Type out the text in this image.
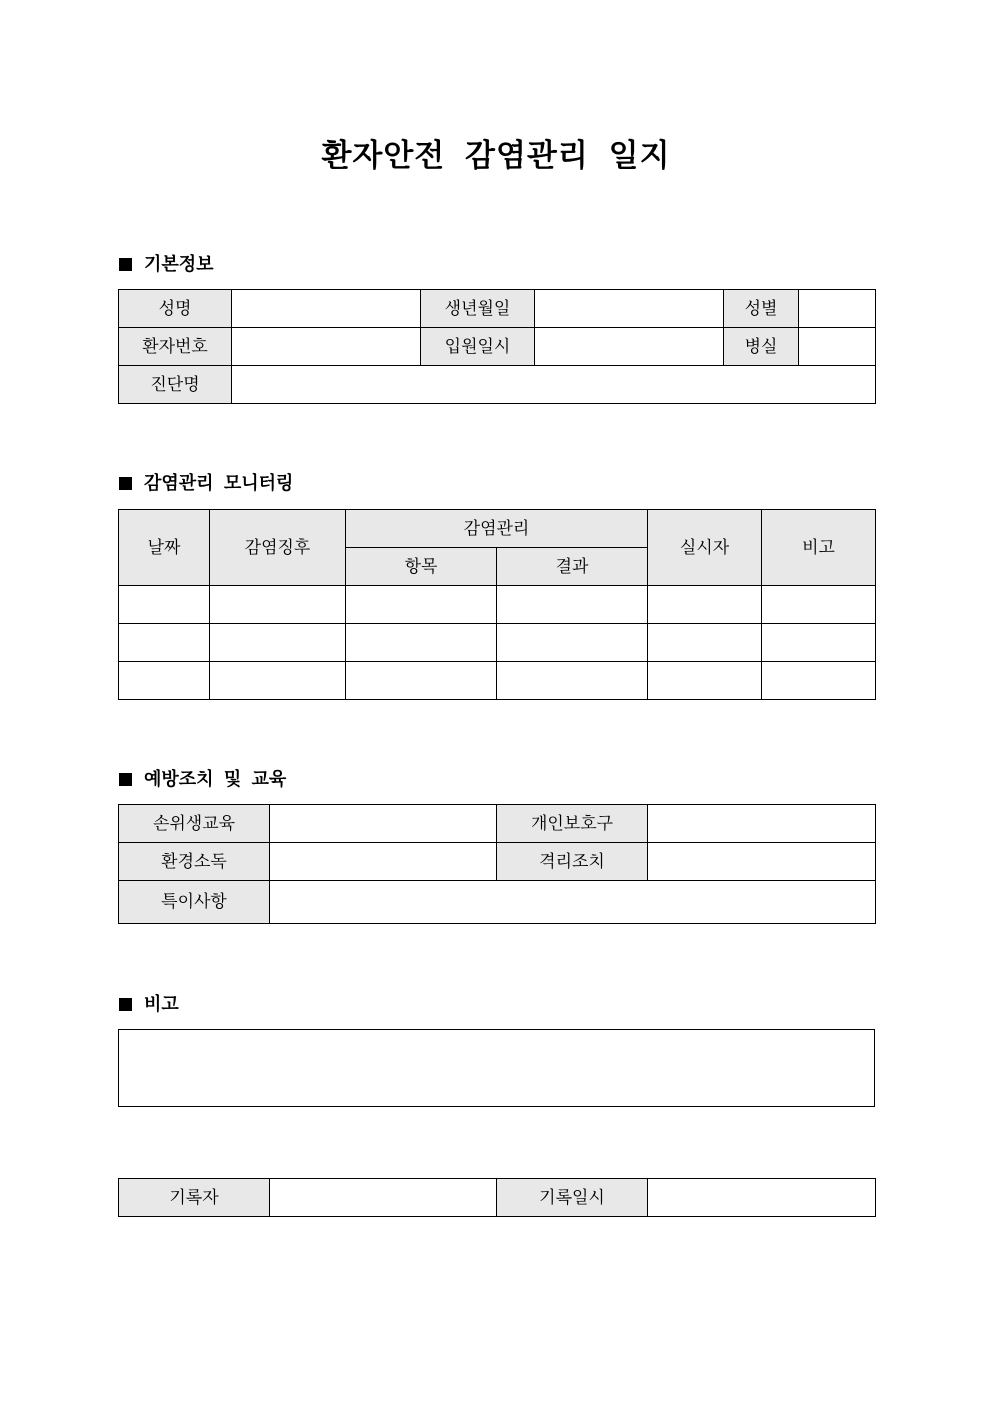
환자안전 감염관리 일지
기본정보
성명		생년월일		성별	
환자번호		입원일시		병실	
진단명					
감염관리 모니터링
날짜	감염징후	감염관리		실시자	비고
		항목	결과		

예방조치 및 교육
손위생교육		개인보호구	
환경소독		격리조치	
특이사항			
비고
기록자		기록일시	
